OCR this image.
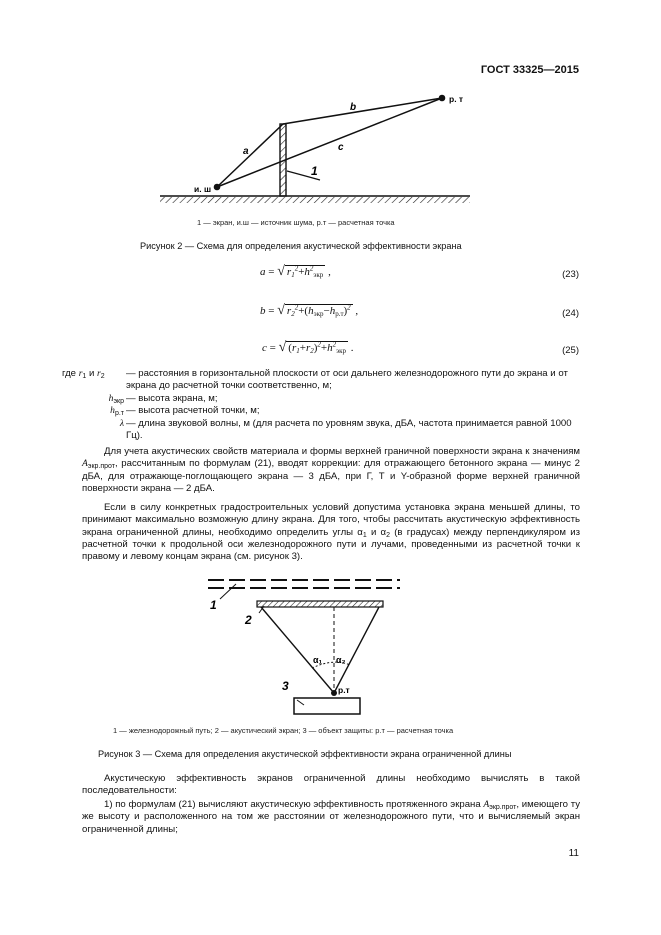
ГОСТ 33325—2015
а
b
с
и. ш
р. т
1
1 — экран, и.ш — источник шума, р.т — расчетная точка
Рисунок 2 — Схема для определения акустической эффективности экрана
a = √ $r_1^2+h^2_{экр}$ ,	(23)
b = √ $r_2^2+(h_{экр}-h_{р.т})^2$ ,	(24)
c = √ $(r_1+r_2)^2+h^2_{экр}$ .	(25)
где $r_1$ и $r_2$	— расстояния в горизонтальной плоскости от оси дальнего железнодорожного пути до экрана и от экрана до расчетной точки соответственно, м;
$h_{экр}$ — высота экрана, м;
$h_{р.т}$ — высота расчетной точки, м;
λ — длина звуковой волны, м (для расчета по уровням звука, дБА, частота принимается равной 1000 Гц).
Для учета акустических свойств материала и формы верхней граничной поверхности экрана к значениям $A_{экр.прот}$, рассчитанным по формулам (21), вводят коррекции: для отражающего бетонного экрана — минус 2 дБА, для отражающе-поглощающего экрана — 3 дБА, при Г, Т и Y-образной форме верхней граничной поверхности экрана — 2 дБА.
Если в силу конкретных градостроительных условий допустима установка экрана меньшей длины, то принимают максимально возможную длину экрана. Для того, чтобы рассчитать акустическую эффективность экрана ограниченной длины, необходимо определить углы $\alpha_1$ и $\alpha_2$ (в градусах) между перпендикуляром из расчетной точки к продольной оси железнодорожного пути и лучами, проведенными из расчетной точки к правому и левому концам экрана (см. рисунок 3).
1
2
3
α₁ α₂
р.т
1 — железнодорожный путь; 2 — акустический экран; 3 — объект защиты: р.т — расчетная точка
Рисунок 3 — Схема для определения акустической эффективности экрана ограниченной длины
Акустическую эффективность экранов ограниченной длины необходимо вычислять в такой последовательности:
1) по формулам (21) вычисляют акустическую эффективность протяженного экрана $A_{экр.прот}$, имеющего ту же высоту и расположенного на том же расстоянии от железнодорожного пути, что и вычисляемый экран ограниченной длины;
11
